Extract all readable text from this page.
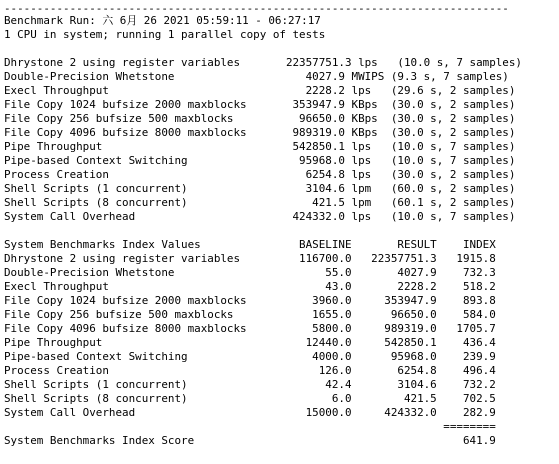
-----------------------------------------------------------------------------
Benchmark Run: 六 6月 26 2021 05:59:11 - 06:27:17
1 CPU in system; running 1 parallel copy of tests
Dhrystone 2 using register variables       22357751.3 lps   (10.0 s, 7 samples)
Double-Precision Whetstone                    4027.9 MWIPS (9.3 s, 7 samples)
Execl Throughput                              2228.2 lps   (29.6 s, 2 samples)
File Copy 1024 bufsize 2000 maxblocks       353947.9 KBps  (30.0 s, 2 samples)
File Copy 256 bufsize 500 maxblocks          96650.0 KBps  (30.0 s, 2 samples)
File Copy 4096 bufsize 8000 maxblocks       989319.0 KBps  (30.0 s, 2 samples)
Pipe Throughput                             542850.1 lps   (10.0 s, 7 samples)
Pipe-based Context Switching                 95968.0 lps   (10.0 s, 7 samples)
Process Creation                              6254.8 lps   (30.0 s, 2 samples)
Shell Scripts (1 concurrent)                  3104.6 lpm   (60.0 s, 2 samples)
Shell Scripts (8 concurrent)                   421.5 lpm   (60.1 s, 2 samples)
System Call Overhead                        424332.0 lps   (10.0 s, 7 samples)
System Benchmarks Index Values               BASELINE       RESULT    INDEX
Dhrystone 2 using register variables         116700.0   22357751.3   1915.8
Double-Precision Whetstone                       55.0       4027.9    732.3
Execl Throughput                                 43.0       2228.2    518.2
File Copy 1024 bufsize 2000 maxblocks          3960.0     353947.9    893.8
File Copy 256 bufsize 500 maxblocks            1655.0      96650.0    584.0
File Copy 4096 bufsize 8000 maxblocks          5800.0     989319.0   1705.7
Pipe Throughput                               12440.0     542850.1    436.4
Pipe-based Context Switching                   4000.0      95968.0    239.9
Process Creation                                126.0       6254.8    496.4
Shell Scripts (1 concurrent)                     42.4       3104.6    732.2
Shell Scripts (8 concurrent)                      6.0        421.5    702.5
System Call Overhead                          15000.0     424332.0    282.9
========
System Benchmarks Index Score                                         641.9
